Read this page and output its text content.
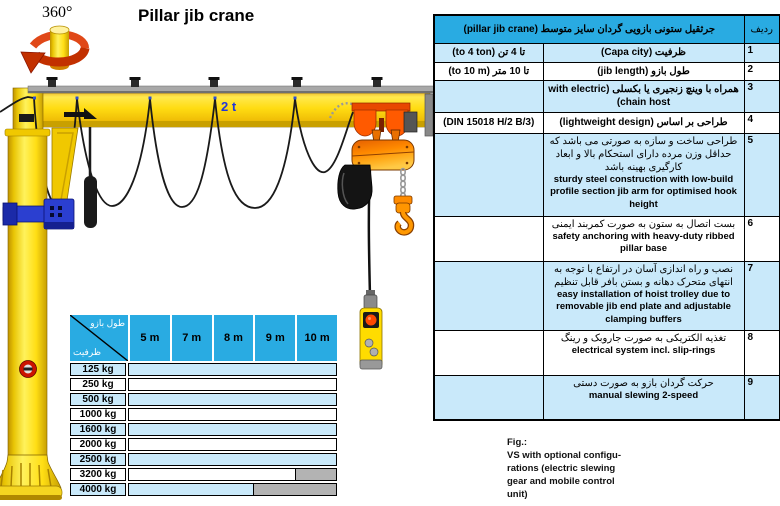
360°	Pillar jib crane
2 t
جرثقیل ستونی بازویی گردان سایز متوسط (pillar jib crane)		ردیف
تا 4 تن (to 4 ton)	ظرفیت (Capa city)	1
تا 10 متر (to 10 m)	طول بازو (jib length)	2
	همراه با وینچ زنجیری یا بکسلی (with electric chain host)	3
(DIN 15018 H/2 B/3)	طراحی بر اساس (lightweight design)	4

	طراحی ساخت و سازه به صورتی می باشد که حداقل وزن مرده دارای استحکام بالا و ابعاد کارگیری بهینه باشد
sturdy steel construction with low-build profile section jib arm for optimised hook height	5

	بست اتصال به ستون به صورت کمربند ایمنی
safety anchoring with heavy-duty ribbed pillar base	6

	نصب و راه اندازی آسان در ارتفاع با توجه به انتهای متحرک دهانه و بستن بافر قابل تنظیم
easy installation of hoist trolley due to removable jib end plate and adjustable clamping buffers	7

	تغذیه الکتریکی به صورت جاروبک و رینگ
electrical system incl. slip-rings	8

	حرکت گردان بازو به صورت دستی
manual slewing 2-speed	9
طول بازو
ظرفیت
5 m	7 m	8 m	9 m	10 m
125 kg
250 kg
500 kg
1000 kg
1600 kg
2000 kg
2500 kg
3200 kg
4000 kg
Fig.:
VS with optional configu-
rations (electric slewing
gear and mobile control
unit)
